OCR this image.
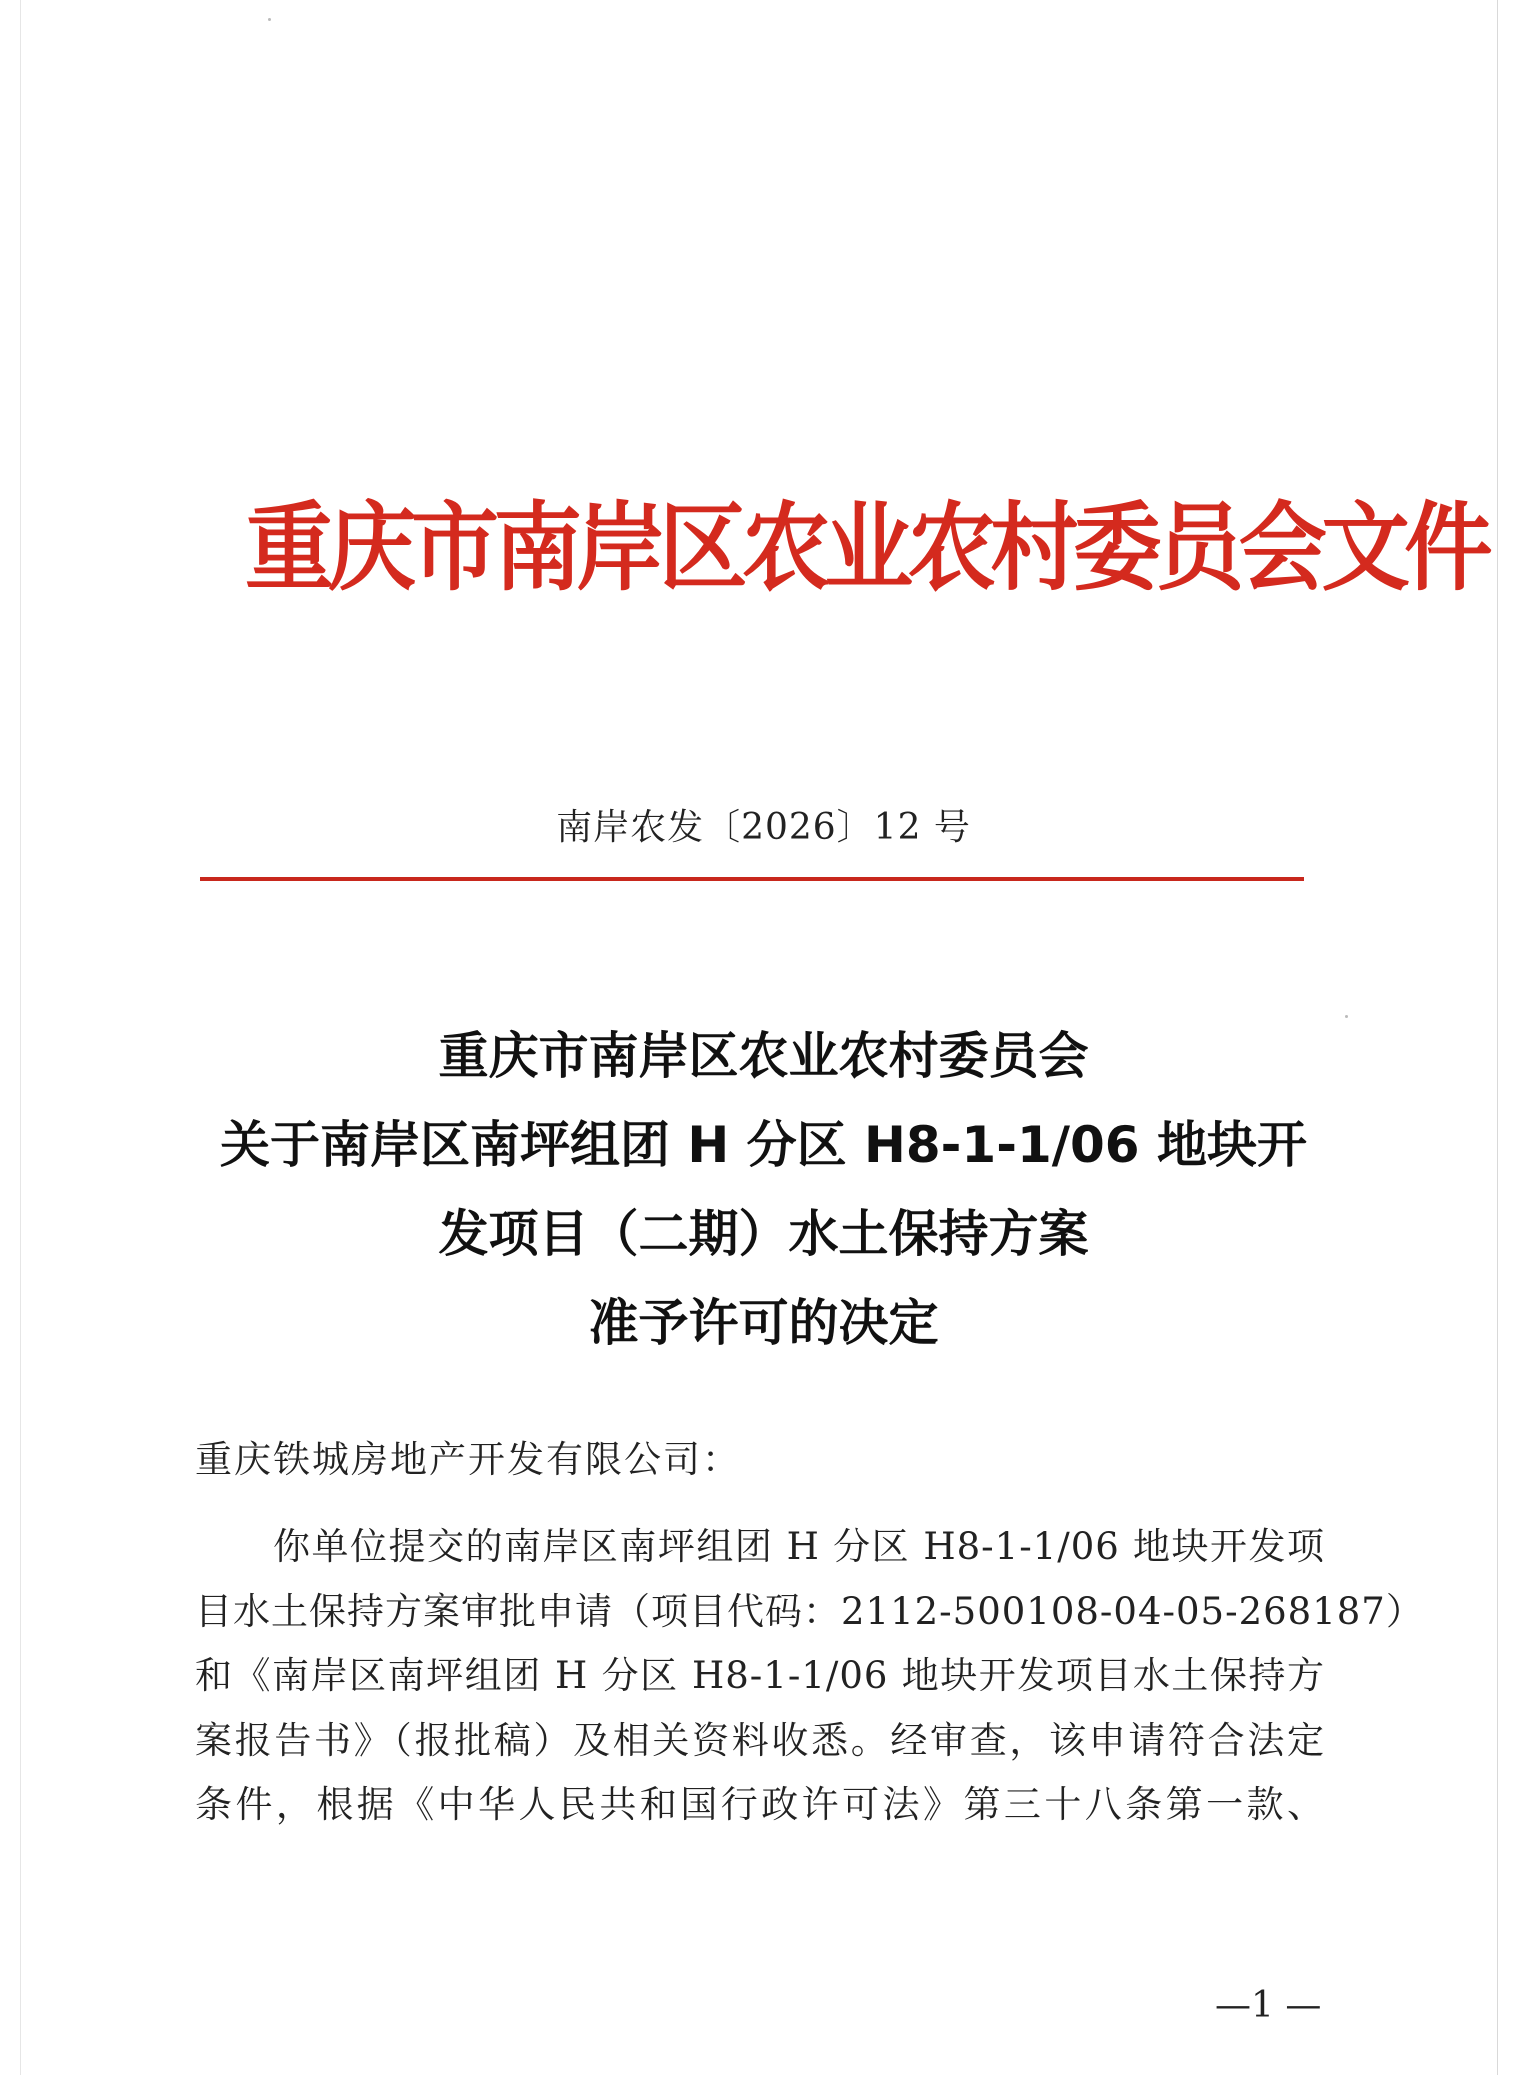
重庆市南岸区农业农村委员会文件
南岸农发〔2026〕12 号
重庆市南岸区农业农村委员会
关于南岸区南坪组团 H 分区 H8-1-1/06 地块开
发项目（二期）水土保持方案
准予许可的决定
重庆铁城房地产开发有限公司：
你单位提交的南岸区南坪组团 H 分区 H8-1-1/06 地块开发项
目水土保持方案审批申请（项目代码：2112-500108-04-05-268187）
和《南岸区南坪组团 H 分区 H8-1-1/06 地块开发项目水土保持方
案报告书》（报批稿）及相关资料收悉。经审查，该申请符合法定
条件，根据《中华人民共和国行政许可法》第三十八条第一款、
—1 —
